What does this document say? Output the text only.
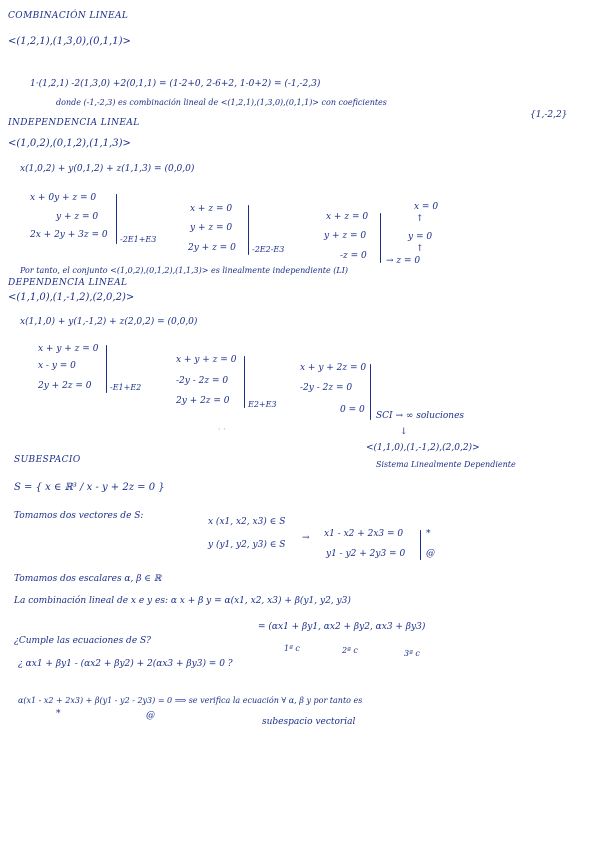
COMBINACIÓN LINEAL
<(1,2,1),(1,3,0),(0,1,1)>
1·(1,2,1) -2(1,3,0) +2(0,1,1) = (1-2+0, 2-6+2, 1-0+2) = (-1,-2,3)
donde (-1,-2,3) es combinación lineal de <(1,2,1),(1,3,0),(0,1,1)> con coeficientes
{1,-2,2}
INDEPENDENCIA LINEAL
<(1,0,2),(0,1,2),(1,1,3)>
x(1,0,2) + y(0,1,2) + z(1,1,3) = (0,0,0)
x + 0y + z = 0
y + z = 0
2x + 2y + 3z = 0 -2E1+E3
x + z = 0
y + z = 0
2y + z = 0 -2E2-E3
x + z = 0
y + z = 0
-z = 0 → z = 0
x = 0
↑
y = 0
↑
Por tanto, el conjunto <(1,0,2),(0,1,2),(1,1,3)> es linealmente independiente (LI)
DEPENDENCIA LINEAL
<(1,1,0),(1,-1,2),(2,0,2)>
x(1,1,0) + y(1,-1,2) + z(2,0,2) = (0,0,0)
x + y + z = 0
x - y = 0
2y + 2z = 0 -E1+E2
x + y + z = 0
-2y - 2z = 0
2y + 2z = 0 E2+E3
x + y + 2z = 0
-2y - 2z = 0
0 = 0
SCI → ∞ soluciones
↓
<(1,1,0),(1,-1,2),(2,0,2)>
Sistema Linealmente Dependiente
· ·
SUBESPACIO
S = { x ∈ ℝ³ / x - y + 2z = 0 }
Tomamos dos vectores de S:
x (x1, x2, x3) ∈ S
y (y1, y2, y3) ∈ S
→ x1 - x2 + 2x3 = 0
y1 - y2 + 2y3 = 0
*
@
Tomamos dos escalares α, β ∈ ℝ
La combinación lineal de x e y es: α x + β y = α(x1, x2, x3) + β(y1, y2, y3)
= (αx1 + βy1, αx2 + βy2, αx3 + βy3)
1ª c	2ª c	3ª c
¿Cumple las ecuaciones de S?
¿ αx1 + βy1 - (αx2 + βy2) + 2(αx3 + βy3) = 0 ?
α(x1 - x2 + 2x3) + β(y1 - y2 - 2y3) = 0 ⟹ se verifica la ecuación ∀ α, β y por tanto es
*	@
subespacio vectorial
